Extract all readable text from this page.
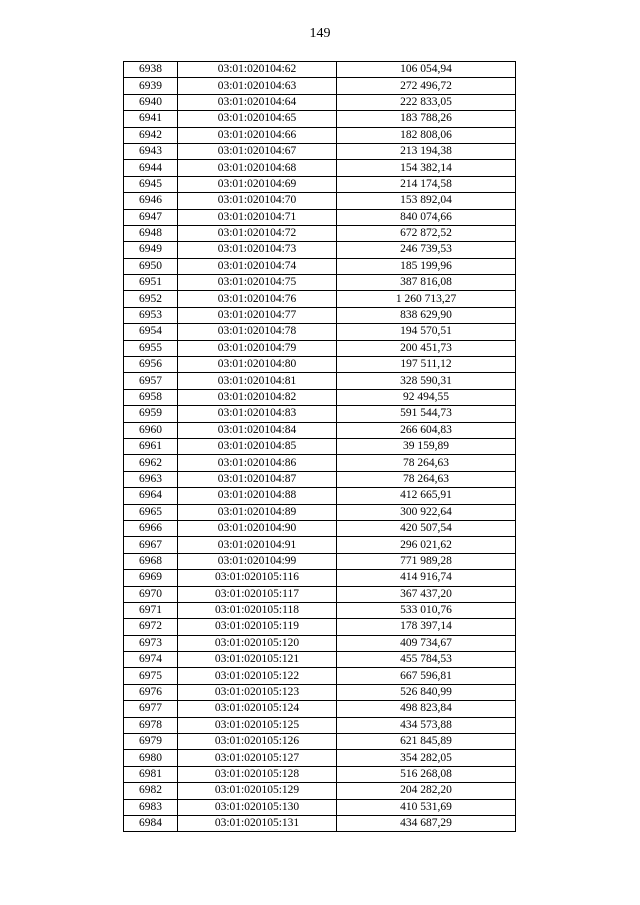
149
6938	03:01:020104:62	106 054,94
6939	03:01:020104:63	272 496,72
6940	03:01:020104:64	222 833,05
6941	03:01:020104:65	183 788,26
6942	03:01:020104:66	182 808,06
6943	03:01:020104:67	213 194,38
6944	03:01:020104:68	154 382,14
6945	03:01:020104:69	214 174,58
6946	03:01:020104:70	153 892,04
6947	03:01:020104:71	840 074,66
6948	03:01:020104:72	672 872,52
6949	03:01:020104:73	246 739,53
6950	03:01:020104:74	185 199,96
6951	03:01:020104:75	387 816,08
6952	03:01:020104:76	1 260 713,27
6953	03:01:020104:77	838 629,90
6954	03:01:020104:78	194 570,51
6955	03:01:020104:79	200 451,73
6956	03:01:020104:80	197 511,12
6957	03:01:020104:81	328 590,31
6958	03:01:020104:82	92 494,55
6959	03:01:020104:83	591 544,73
6960	03:01:020104:84	266 604,83
6961	03:01:020104:85	39 159,89
6962	03:01:020104:86	78 264,63
6963	03:01:020104:87	78 264,63
6964	03:01:020104:88	412 665,91
6965	03:01:020104:89	300 922,64
6966	03:01:020104:90	420 507,54
6967	03:01:020104:91	296 021,62
6968	03:01:020104:99	771 989,28
6969	03:01:020105:116	414 916,74
6970	03:01:020105:117	367 437,20
6971	03:01:020105:118	533 010,76
6972	03:01:020105:119	178 397,14
6973	03:01:020105:120	409 734,67
6974	03:01:020105:121	455 784,53
6975	03:01:020105:122	667 596,81
6976	03:01:020105:123	526 840,99
6977	03:01:020105:124	498 823,84
6978	03:01:020105:125	434 573,88
6979	03:01:020105:126	621 845,89
6980	03:01:020105:127	354 282,05
6981	03:01:020105:128	516 268,08
6982	03:01:020105:129	204 282,20
6983	03:01:020105:130	410 531,69
6984	03:01:020105:131	434 687,29
